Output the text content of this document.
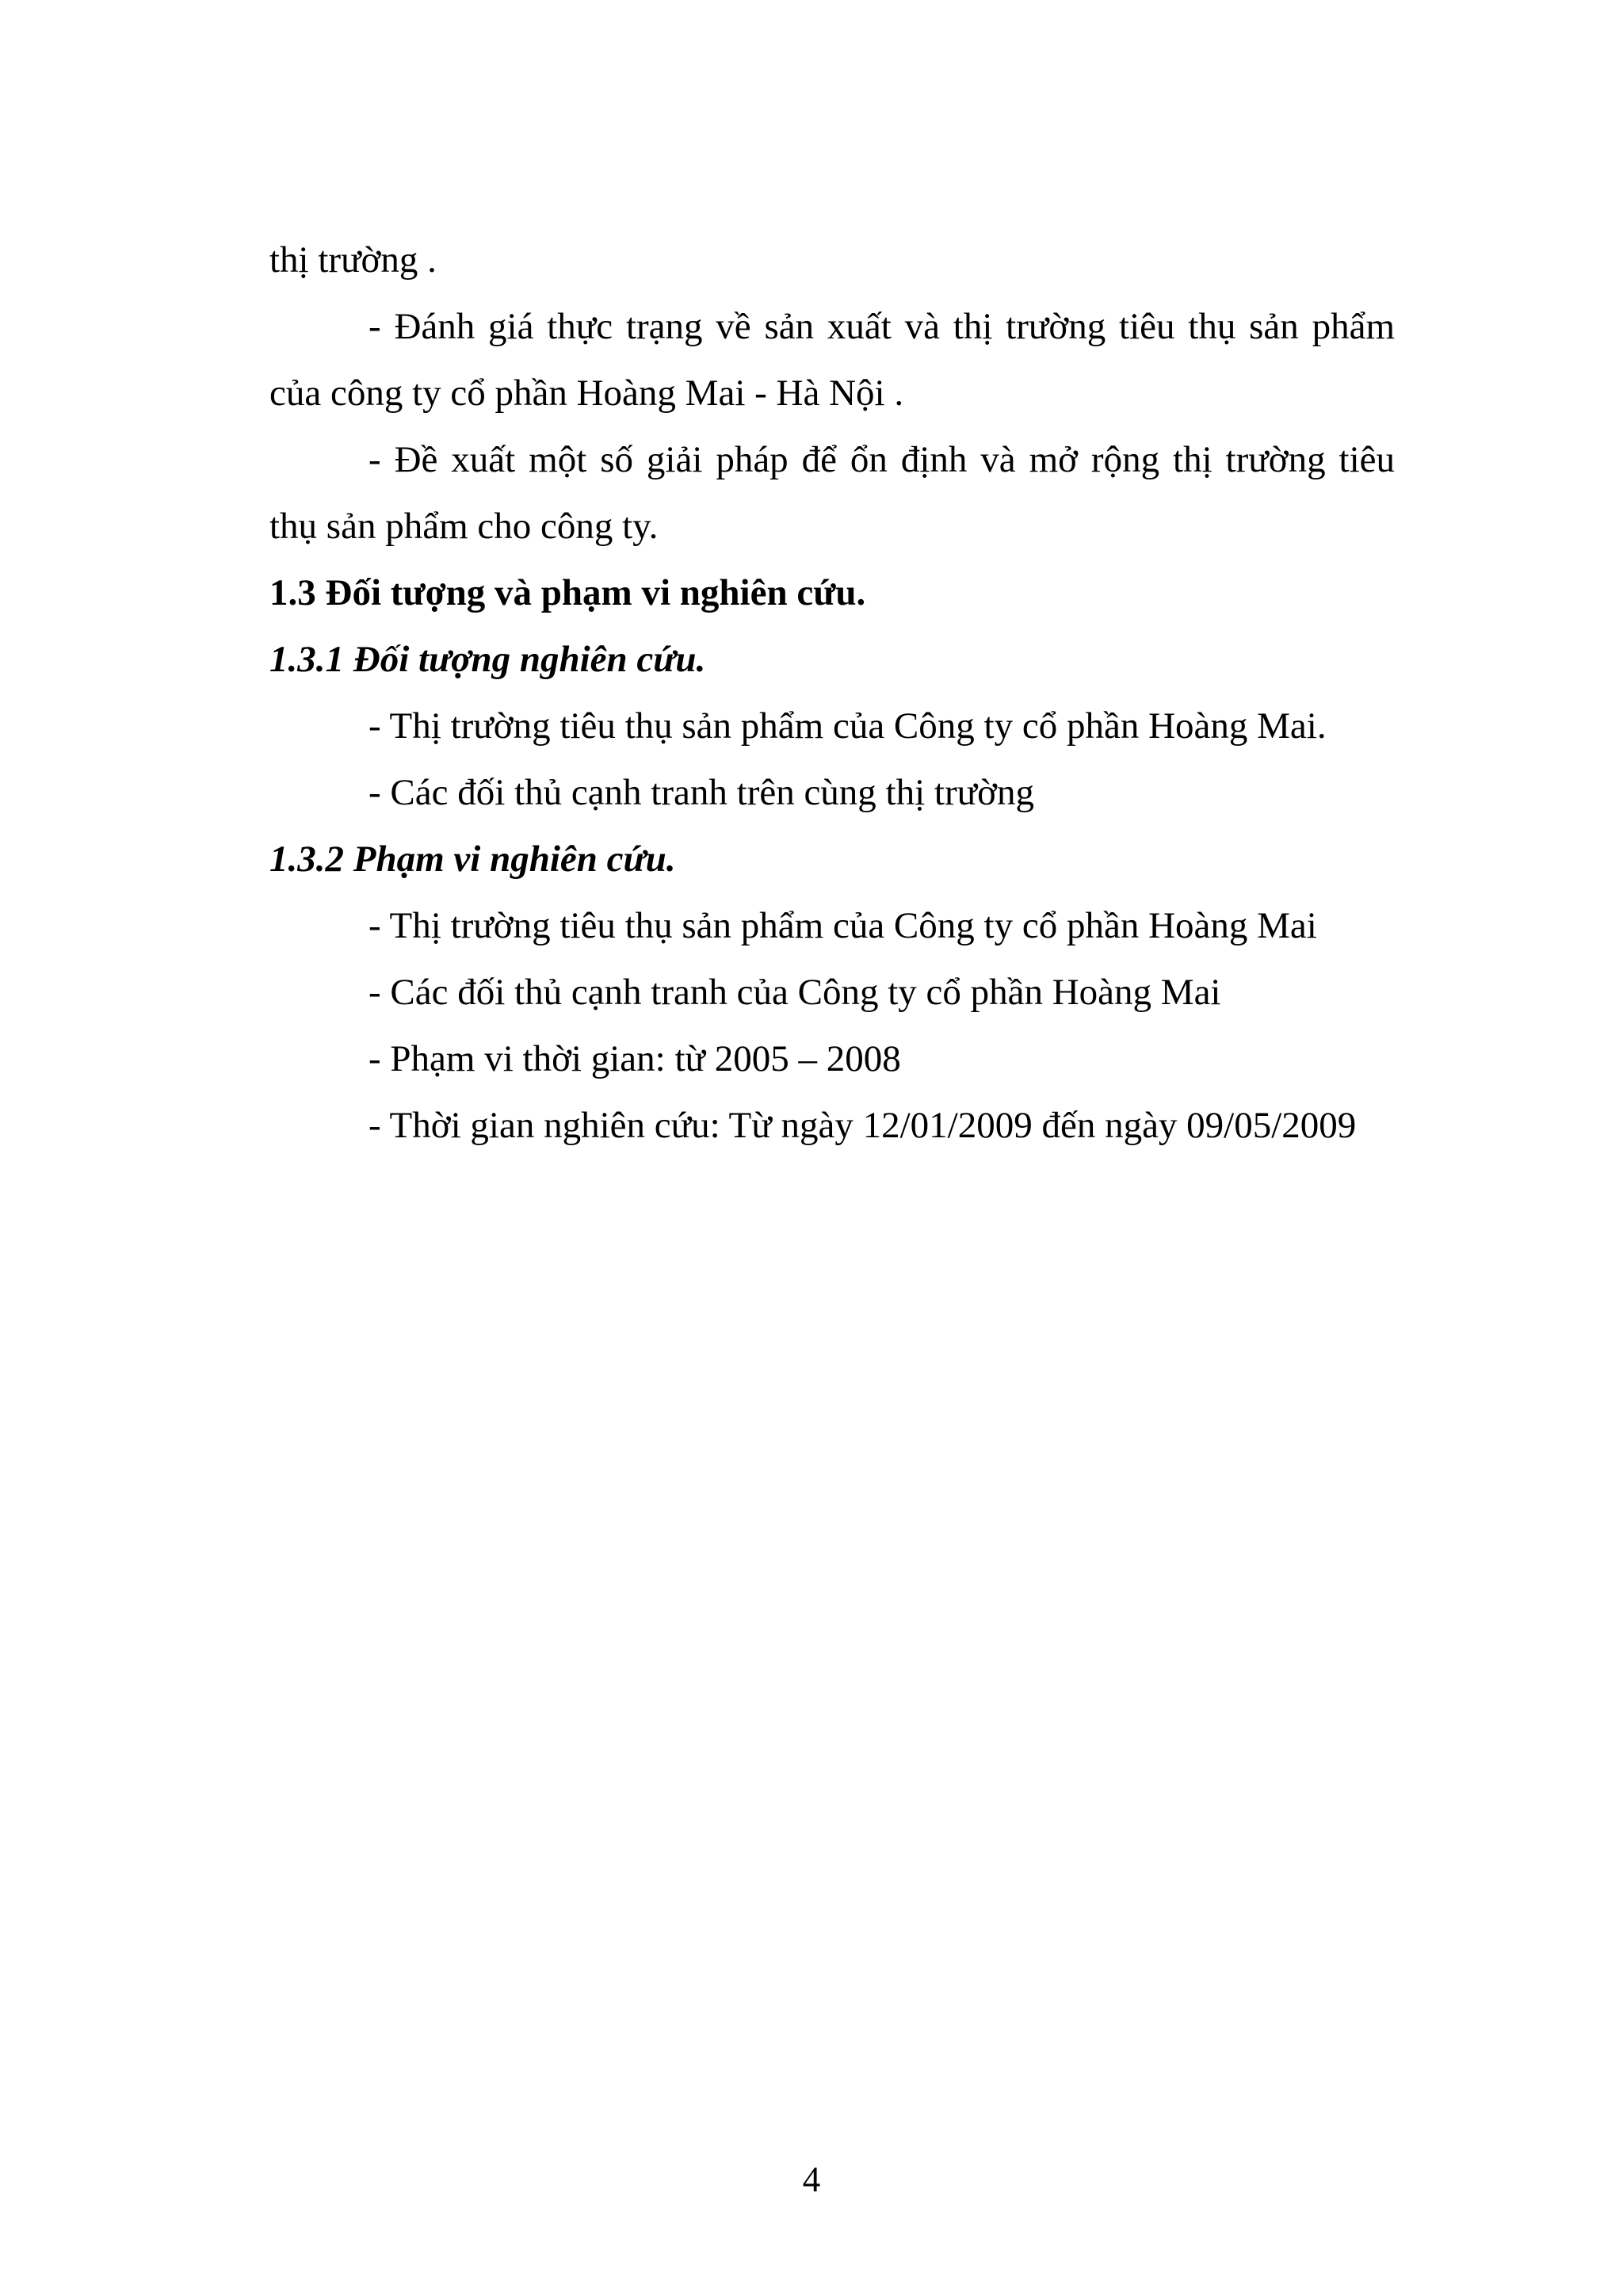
thị trường .
- Đánh giá thực trạng về sản xuất và thị trường tiêu thụ sản phẩm
của công ty cổ phần Hoàng Mai - Hà Nội .
- Đề xuất một số giải pháp để ổn định và mở rộng thị trường tiêu
thụ sản phẩm cho công ty.
1.3 Đối tượng và phạm vi nghiên cứu.
1.3.1 Đối tượng nghiên cứu.
- Thị trường tiêu thụ sản phẩm của Công ty cổ phần Hoàng Mai.
- Các đối thủ cạnh tranh trên cùng thị trường
1.3.2 Phạm vi nghiên cứu.
- Thị trường tiêu thụ sản phẩm của Công ty cổ phần Hoàng Mai
- Các đối thủ cạnh tranh của Công ty cổ phần Hoàng Mai
- Phạm vi thời gian: từ 2005 – 2008
- Thời gian nghiên cứu: Từ ngày 12/01/2009 đến ngày 09/05/2009
4
